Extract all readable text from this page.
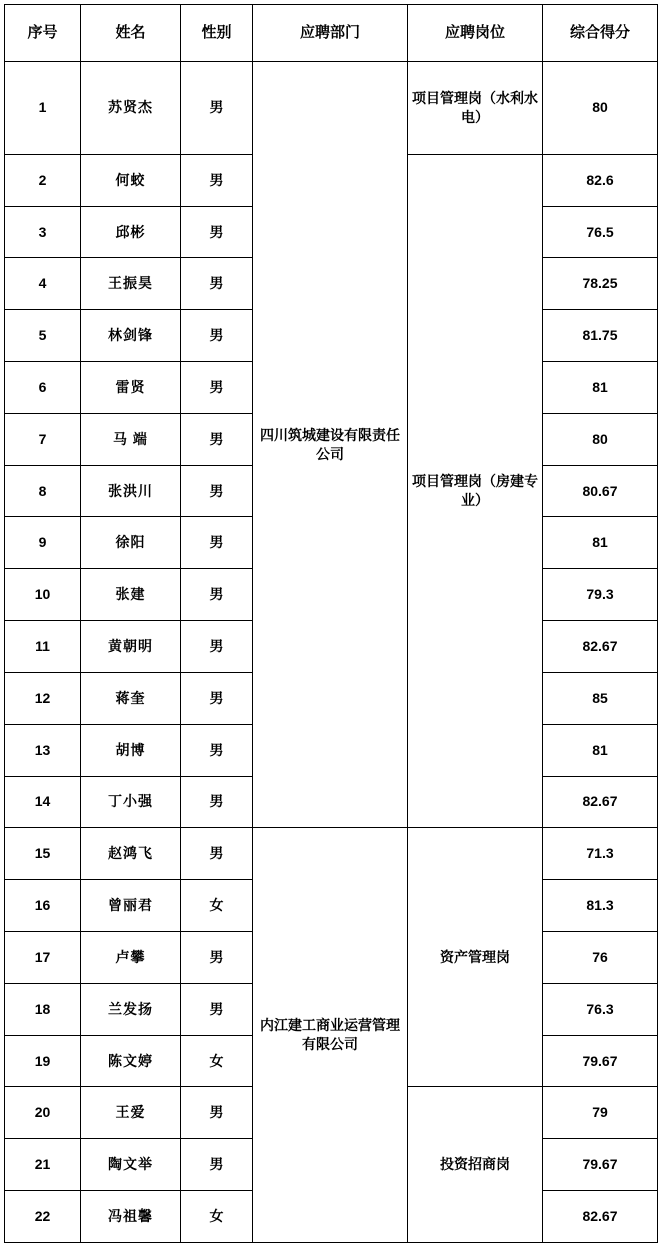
序号	姓名	性别	应聘部门	应聘岗位	综合得分
1	苏贤杰	男	四川筑城建设有限责任公司	项目管理岗（水利水电）	80
2	何蛟	男		项目管理岗（房建专业）	82.6
3	邱彬	男			76.5
4	王振昊	男			78.25
5	林剑锋	男			81.75
6	雷贤	男			81
7	马 端	男			80
8	张洪川	男			80.67
9	徐阳	男			81
10	张建	男			79.3
11	黄朝明	男			82.67
12	蒋奎	男			85
13	胡博	男			81
14	丁小强	男			82.67
15	赵鸿飞	男	内江建工商业运营管理有限公司	资产管理岗	71.3
16	曾丽君	女			81.3
17	卢攀	男			76
18	兰发扬	男			76.3
19	陈文婷	女			79.67
20	王爱	男		投资招商岗	79
21	陶文举	男			79.67
22	冯祖馨	女			82.67
